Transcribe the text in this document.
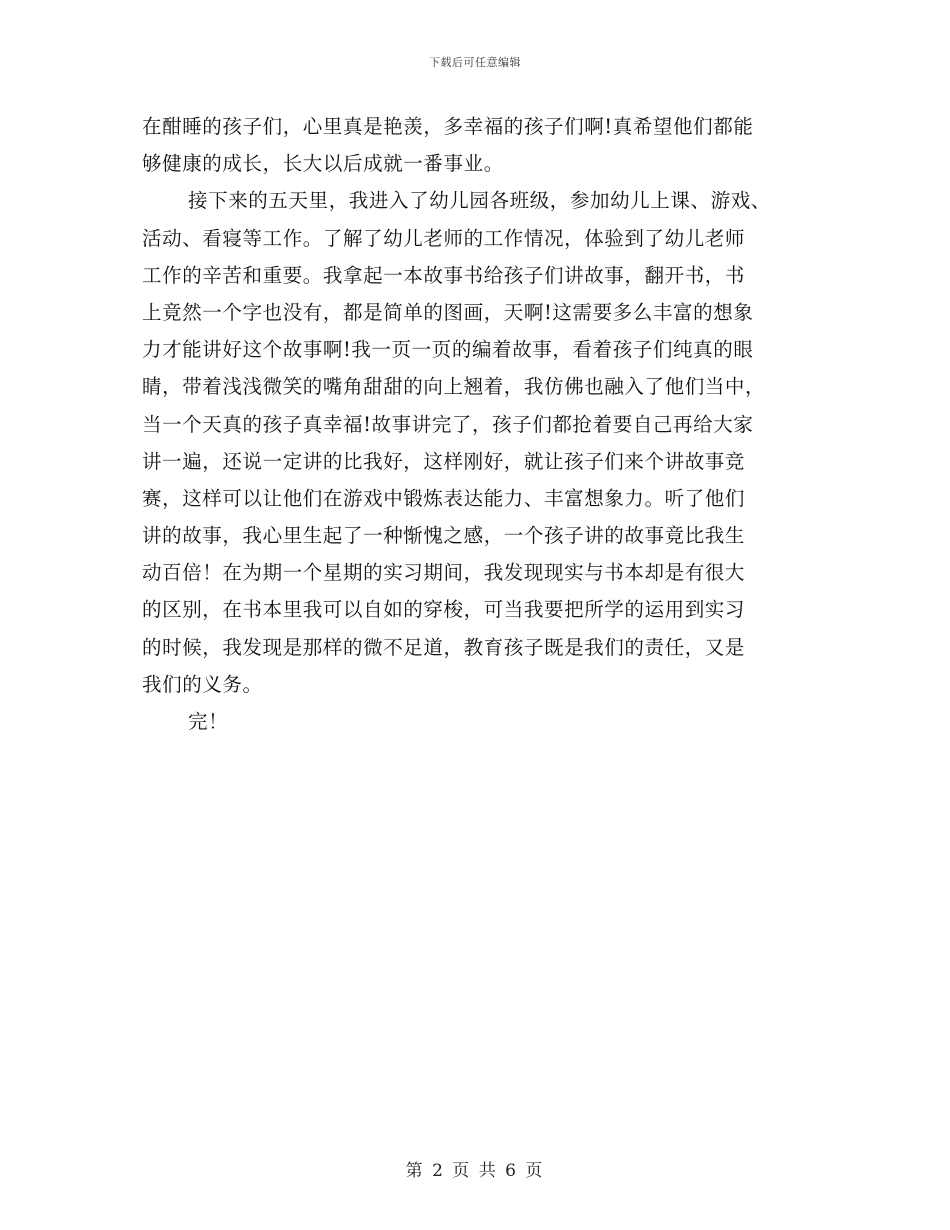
下载后可任意编辑
在酣睡的孩子们，心里真是艳羡，多幸福的孩子们啊!真希望他们都能
够健康的成长，长大以后成就一番事业。
接下来的五天里，我进入了幼儿园各班级，参加幼儿上课、游戏、
活动、看寝等工作。了解了幼儿老师的工作情况，体验到了幼儿老师
工作的辛苦和重要。我拿起一本故事书给孩子们讲故事，翻开书，书
上竟然一个字也没有，都是简单的图画，天啊!这需要多么丰富的想象
力才能讲好这个故事啊!我一页一页的编着故事，看着孩子们纯真的眼
睛，带着浅浅微笑的嘴角甜甜的向上翘着，我仿佛也融入了他们当中，
当一个天真的孩子真幸福!故事讲完了，孩子们都抢着要自己再给大家
讲一遍，还说一定讲的比我好，这样刚好，就让孩子们来个讲故事竞
赛，这样可以让他们在游戏中锻炼表达能力、丰富想象力。听了他们
讲的故事，我心里生起了一种惭愧之感，一个孩子讲的故事竟比我生
动百倍！在为期一个星期的实习期间，我发现现实与书本却是有很大
的区别，在书本里我可以自如的穿梭，可当我要把所学的运用到实习
的时候，我发现是那样的微不足道，教育孩子既是我们的责任，又是
我们的义务。
完！
第 2 页 共 6 页
